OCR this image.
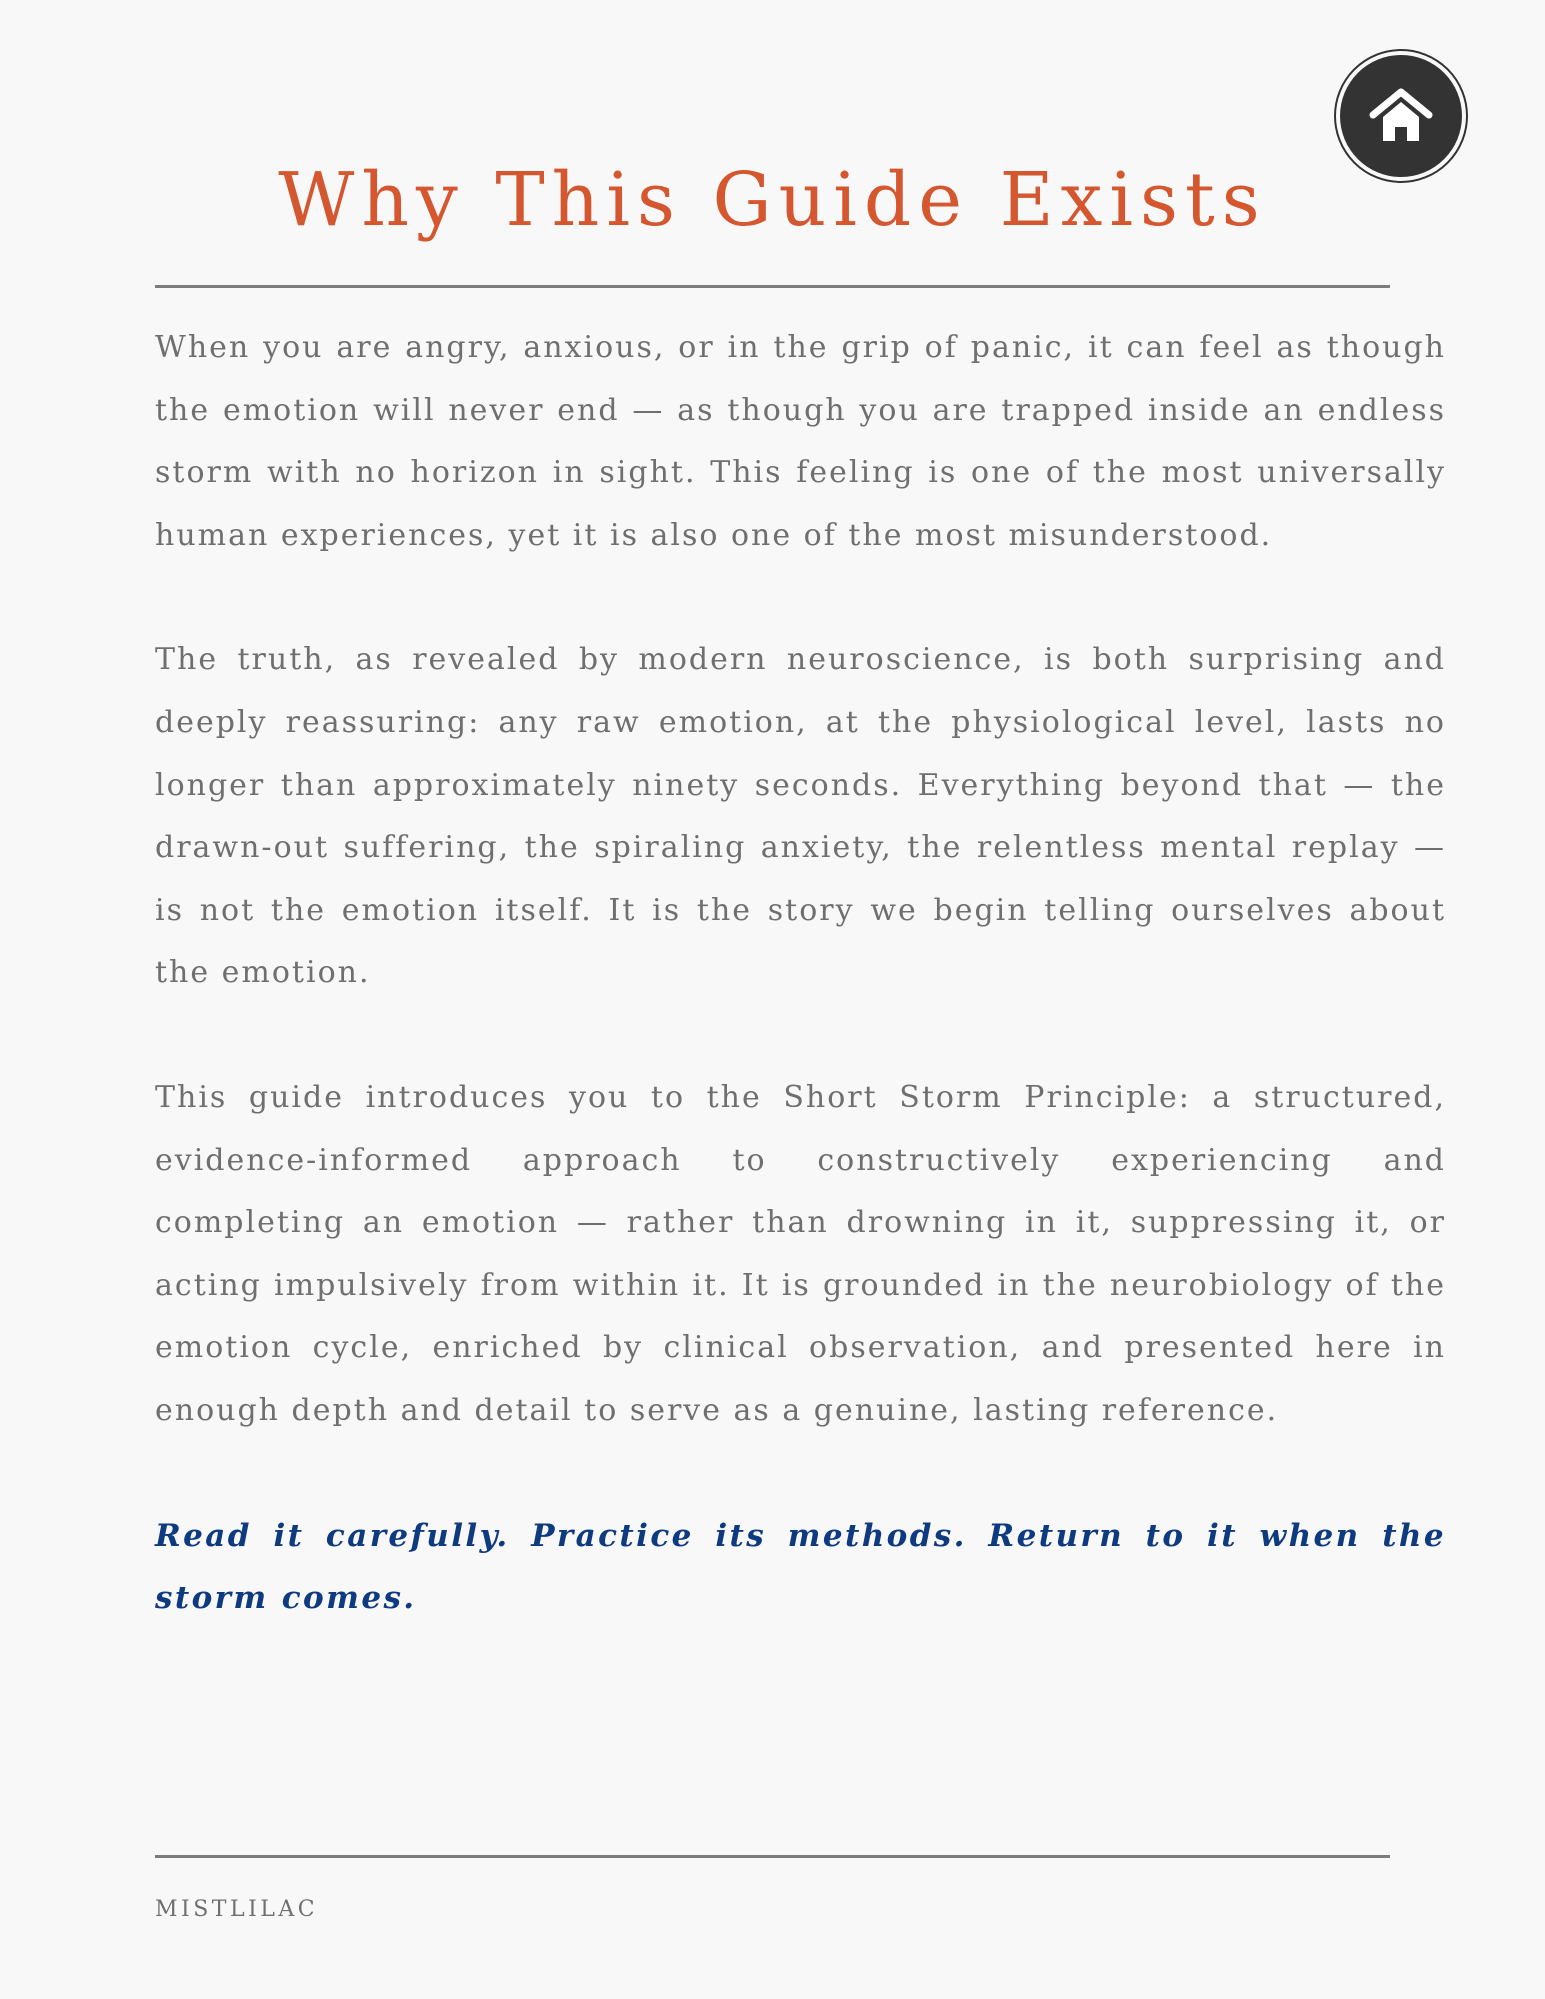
Why This Guide Exists

When you are angry, anxious, or in the grip of panic, it can feel as though the emotion will never end — as though you are trapped inside an endless storm with no horizon in sight. This feeling is one of the most universally human experiences, yet it is also one of the most misunderstood.

The truth, as revealed by modern neuroscience, is both surprising and deeply reassuring: any raw emotion, at the physiological level, lasts no longer than approximately ninety seconds. Everything beyond that — the drawn-out suffering, the spiraling anxiety, the relentless mental replay — is not the emotion itself. It is the story we begin telling ourselves about the emotion.

This guide introduces you to the Short Storm Principle: a structured, evidence-informed approach to constructively experiencing and completing an emotion — rather than drowning in it, suppressing it, or acting impulsively from within it. It is grounded in the neurobiology of the emotion cycle, enriched by clinical observation, and presented here in enough depth and detail to serve as a genuine, lasting reference.

Read it carefully. Practice its methods. Return to it when the storm comes.

MISTLILAC
